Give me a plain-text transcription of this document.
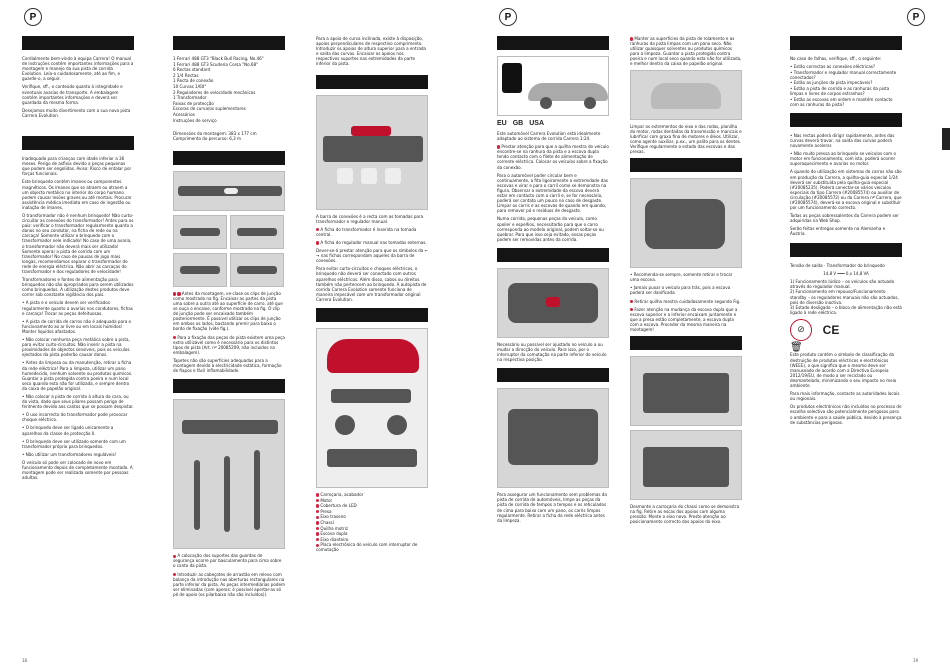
P

Cordialmente bem-vindo à equipa Carrera! O manual de instruções contém importantes informações para a montagem e manejo da sua pista de corrida Evolution. Leia-o cuidadosamente, até ao fim, e guarde-o, a seguir.

Verifique, sff., o conteúdo quanto à integridade e eventuais avarias de transporte. A embalagem contém importantes informações e deverá ser guardada da mesma forma.

Desejamos muito divertimento com a sua nova pista Carrera Evolution.

Inadequado para crianças com idade inferior a 36 meses. Perigo de asfixia devido a peças pequenas que podem ser engolidas. Aviso: Risco de entalar por forças funcionais.

Este brinquedo contém ímanes ou componentes magnéticos. Os ímanes que se atraem ou atraem a um objecto metálico no interior do corpo humano podem causar lesões graves ou até mortais. Procurar assistência médica imediata em caso de ingestão ou inalação de ímanes.

O transformador não é nenhum brinquedo! Não curto-circuitar as conexões do transformador! Antes para os pais: verificar o transformador regularmente quanto a danos no seu condutor, na ficha de rede ou na carcaça! Somente utilizar o brinquedo com o transformador nele indicado! No caso de uma avaria, o transformador não deverá mais ser utilizado! Somente operar a pista de corrida com um transformador! No caso de pausas de jogo mais longas, recomendamos separar o transformador de rede de energia eléctrica. Não abrir as carcaças do transformador e dos reguladores de velocidade!

Transformadores e fontes de alimentação para brinquedos não são apropriados para serem utilizados como brinquedos. A utilização destes produtos deve correr sob constante vigilância dos pais.

• A pista e o veículo devem ser verificados regularmente quanto a avarias nos condutores, fichas e carcaça! Trocar as peças defeituosas.

• A pista de corrida de carros não é adequada para o funcionamento ao ar livre ou em locais húmidos! Manter líquidos afastados.

• Não colocar nenhuma peça metálica sobre a pista, para evitar curto-circuitos. Não inserir a pista na proximidades de objectos sensíveis, pois os veículos ejectados da pista poderão causar danos.

• Antes da limpeza ou da manutenção, retirar a ficha da rede eléctrica! Para a limpeza, utilizar um pano humedecido, nenhum solvente ou produtos químicos. Guardar a pista protegida contra poeira e num local seco quando esta não for utilizada, e sempre dentro da caixa de papelão original.

• Não colocar a pista de corrida à altura da cara, ou da vista, dado que seus pilares possam perigo de ferimento devido aos cantos que se possam despistar.

• O uso incorrecto do transformador pode provocar choque eléctrico.

• O brinquedo deve ser ligado unicamente a aparelhos da classe de protecção II.

• O brinquedo deve ser utilizado somente com um transformador próprio para brinquedos.

• Não utilizar um transformadores reguláveis!

O veículo só pode ser colocado de novo em funcionamento depois de completamente montado. A montagem pode ser realizada somente por pessoas adultas.

1 Ferrari 488 GT3 "Black Bull Racing, No.46"
1 Ferrari 488 GT3 Scuderia Corsa "No.68"
6 Rectas standard
2 1/4 Rectas
1 Recta de conexão
10 Curvas 1/60°
2 Reguladores de velocidade mecânicos
1 Transformador
Faixas de protecção
Escoras de curva/os suplementares
Acessórios
Instruções de serviço

Dimensões da montagem: 383 x 177 cm
Comprimento do percurso: 6,3 m

Antes da montagem, ve-clase os clips de junção como mostrado na fig. Encaixar as partes da pista uma sobre a outra até ao superfície de carro, até que se ouça o encaixe, conforme mostrado na fig. O clip de junção pode ser encaixado também posteriormente. É possível utilizar os clips de junção em ambos os lados, bastando premir para baixo o bordo de fixação (vide fig.).

Para a fixação das peças de pista existem uma peça extra utilizável como é necessário para os distintos tipos de pista (Art. nº 20085209, não incluídos na embalagem).

Tapetes não são superfícies adequadas para a montagem devido à electricidade estática, formação de fiapos e fácil inflamabilidade.

A colocação dos suportes das guardas de segurança ocorre por basculamento para cima sobre o canto da pista.

Introduzir as cabeçotes de arrastão em relevo com balanço da introdução nas aberturas rectangulares na parte inferior da pista. As peças intermediárias podem ser eliminadas (com aperos: é possível apertar-as só pé de apoio (os pilarbaixa não são incluídos)).

Para a apoio de curva inclinada, existe à disposição, apoios perpendiculares de respectivo comprimento. Introduzir os apoios de altura superior para a entrada e saída das curvas. Encaixar os apoios nos respectivos suportes nas extremidades da parte inferior da pista.

A barra de conexões é a recta com as tomadas para transformador e regulador manual.

A ficha do transformador é inserida na tomada central.

A ficha do regulador manual nas tomadas externas.

Dever-se-á prestar atenção para que os símbolos da ← → nas fichas correspondam aqueles da barra de conexões.

Para evitar curto-circuitos e choques eléctricos, o brinquedo não deverá ser conectado com outros aparelhos eléctricos. Além disso, cabos ou direitos também não pertencem ao brinquedo. A autopista de corrida Carrera Evolution somente funciona de maneira impecável com um transformador original Carrera Evolution.

Carroçaria, acabador
Motor
Cobertura de LED
Presa
Eixo traseiro
Chassi
Quilha motriz
Escova dupla
Eixo dianteiro
Placa electrónica do veículo com interruptor de comutação
18
P	P
EU GB USA

Este automóvel Carrera Evolution está idealmente adaptado ao sistema de corrida Carrera 1:24.

Prestar atenção para que a quilha mestra do veículo encontre-se na ranhura da pista e a escova dupla tendo contacto com o filete de alimentação de corrente eléctrica. Colocar os veículos sobre a fixação da conexão.

Para o automóvel poder circular bem e continuamente, a fita ligeiramente a extremidade das escovas e virar e para o carril como se demonstra na figura. Observar a extremidade da escova deverá estar em contacto com o carril e, se for necessário, poderá ser contato um pouco no caso de desgaste. Limpar os carris e as escovas de quando em quando, para remover pó e resíduos de desgaste.

Numa corrida, pequenas peças do veículo, como spoiler e espelhos, necessitarão para que o carro corresponda ao modelo original, podem soltar-se ou quebrar. Para que isso seja evitado, essas peças podem ser removidas antes da corrida.

Necessário ou possível ser ajustado no veículo a ou mudar a direcção do veículo. Para isso, por o interruptor da comutação na parte inferior do veículo na respectiva posição.

Para assegurar um funcionamento sem problemas da pista de corrida de automóveis, limpe as peças da pista de corrida de tempos a tempos e os reticulados de cima para baixo com um pano, os carris limpos regularmente. Retirar a ficha da rede eléctrica antes da limpeza.

Manter as superfícies da pista de rolamento e as ranhuras da pista limpas com um pano seco. Não utilizar quaisquer solventes ou produtos químicos para a limpeza. Guardar a pista protegida contra poeira e num local seco quando esta não for utilizada, e melhor dentro da caixa de papelão original.

Limpar os estrementos do eixo e das rodas, planilha do motor, rodas dentadas da transmissão e mancais e lubrificar com graxa fina de motores e óleos. Utilizar, como agente auxiliar, p.ex., um palito para os dentes. Verifique regularmente o estado das escovas e das presas.

• Recomenda-se sempre, somente retirar e trocar uma escova.

• Jamais puxar o veículo para trás, pois a escova poderá ser danificada.

Retirar quilha mestra cuidadosamente segundo Fig.

Fazer atenção na mudança da escova dupla que a escova superior e a inferior encaixam juntamente e que a presa estão completamente, a escova dupla com a escova. Proceder da mesma maneira na montagem!

Desmonte a carroçaria do chassi como se demonstra na fig. Retire as escas dos apoios com alguma pressão. Monte o eixo novo. Preste atenção ao posicionamento correcto dos apoios do eixo.

No caso de falhas, verifique, sff., o seguinte:

• Estão correctas as conexões eléctricas?
• Transformador e regulador manual correctamente conectados?
• Estão as junções da pista impecáveis?
• Estão a pista de corrida e as ranhuras da pista limpas e livres de corpos estranhos?
• Estão as escovas em ordem e mantém contacto com as ranhuras da pista?

• Nas rectas poderá dirigir rapidamente, antes das curvas deverá travar, na saída das curvas poderá novamente acelerar.

• Não muito pressa ao brinquedo se veículos com o motor em funcionamento, com isto, poderá ocorrer superaquecimento e avarias no motor.

A quando do utilização em sistemas de carros não são em produção da Carrera, a quilha-guia especial 1/24 deverá ser substituída pela quilha-guia especial (#20085235). Poderá conectar-se vários veículos especiais da tipo Carrera (#20085574) ou auxiliar de circulação (#20085572) ou do Carrera nª Carrera, que (#20085574), deverá-se a escova original e substituir por um funcionamento correcto.

Todas as peças sobressalentes da Carrera podem ser adquiridas na Web Shop.

Serão feitas entregas somente na Alemanha e Áustria.

Tensão de saída · Transformador do brinquedo

14,8 V ═══ 0,x 14,8 VA

1) Funcionamento lúdico – os veículos são actuado através do regulador manual.
2) Funcionamento em repouso/Funcionamento standby – os reguladores manuais não são actuados, pois de diversão inactiva.
3) Estado desligado – o bloco de alimentação não está ligado à rede eléctrica.
⊘	CE
🗑

Este produto contém o símbolo de classificação da destruição de produtos eléctricos e electrónicos (WEEE), o que significa que o mesmo deve ser manuseado de acordo com a Directiva Europeia 2012/19/EU, de modo a ser reciclado ou desmantelado, minimizando o seu impacto no meio ambiente.

Para mais informação, contacte as autoridades locais ou regionais.

Os produtos electrónicos não incluídos no processo de escolha selectiva são potencialmente perigosos para o ambiente e para a saúde pública, devido à presença de substâncias perigosas.

19
